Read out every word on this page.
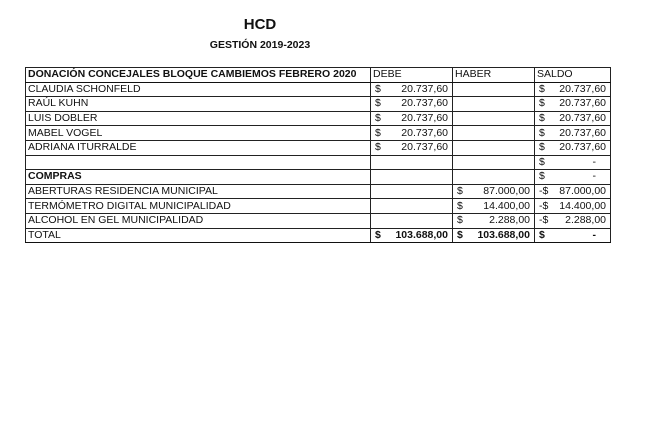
HCD
GESTIÓN 2019-2023
DONACIÓN CONCEJALES BLOQUE CAMBIEMOS FEBRERO 2020	DEBE	HABER	SALDO
CLAUDIA SCHONFELD	$ 20.737,60		$ 20.737,60

RAÚL KUHN	$ 20.737,60		$ 20.737,60

LUIS DOBLER	$ 20.737,60		$ 20.737,60

MABEL VOGEL	$ 20.737,60		$ 20.737,60

ADRIANA ITURRALDE	$ 20.737,60		$ 20.737,60

			$ -

COMPRAS			$ -

ABERTURAS RESIDENCIA MUNICIPAL		$ 87.000,00	-$ 87.000,00

TERMÓMETRO DIGITAL MUNICIPALIDAD		$ 14.400,00	-$ 14.400,00

ALCOHOL EN GEL MUNICIPALIDAD		$ 2.288,00	-$ 2.288,00

TOTAL	$ 103.688,00	$ 103.688,00	$ -
